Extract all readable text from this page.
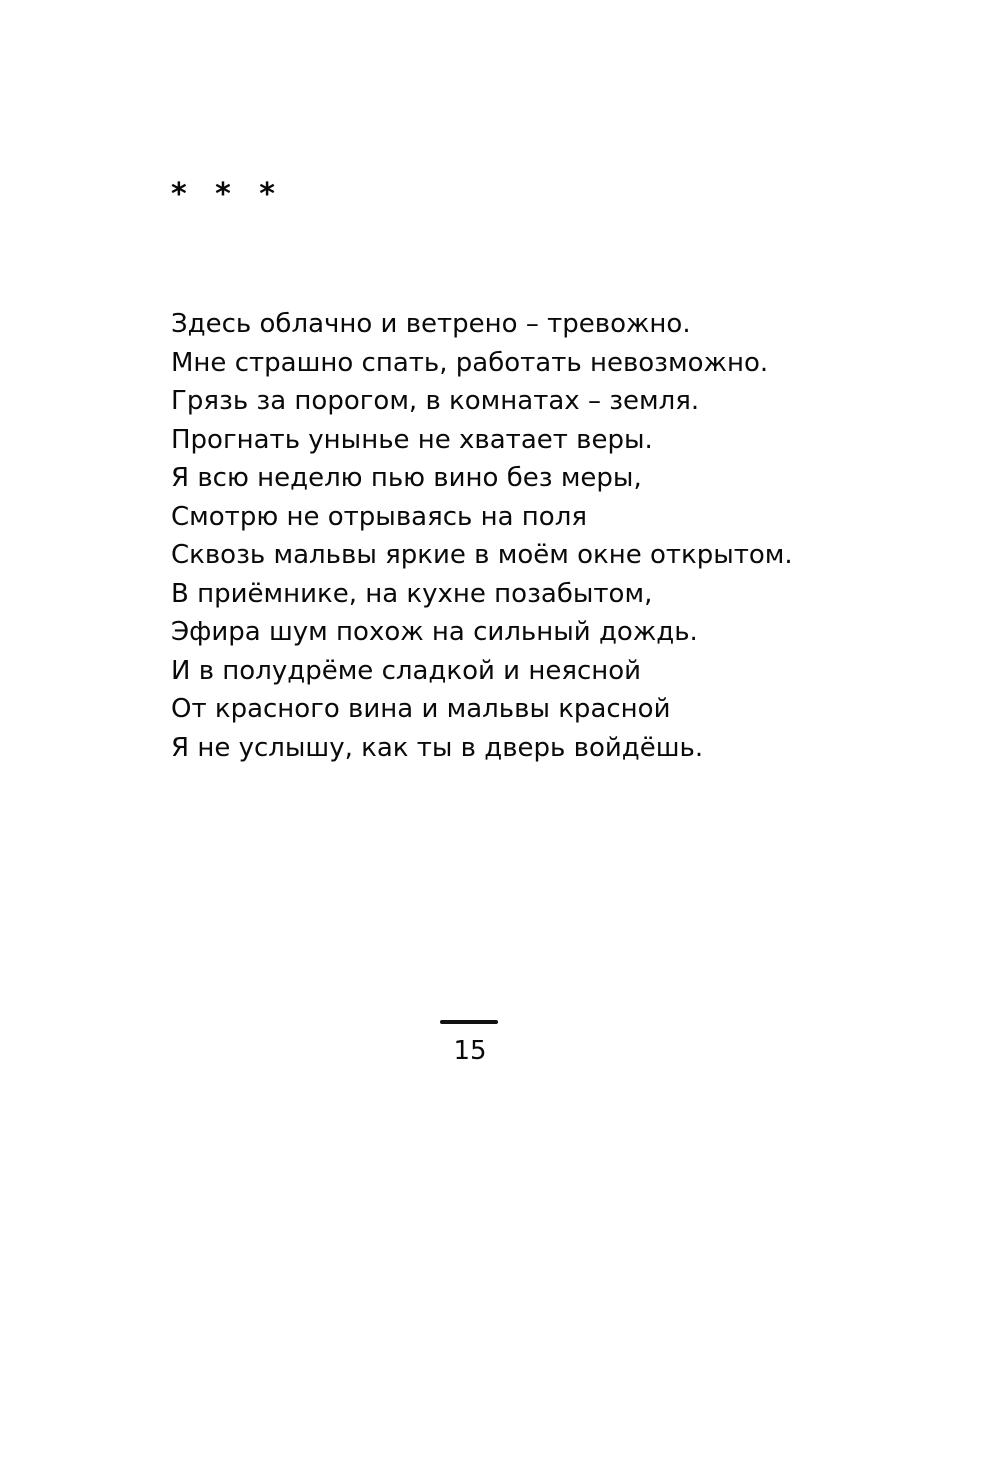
* * *
Здесь облачно и ветрено – тревожно.
Мне страшно спать, работать невозможно.
Грязь за порогом, в комнатах – земля.
Прогнать унынье не хватает веры.
Я всю неделю пью вино без меры,
Смотрю не отрываясь на поля
Сквозь мальвы яркие в моём окне открытом.
В приёмнике, на кухне позабытом,
Эфира шум похож на сильный дождь.
И в полудрёме сладкой и неясной
От красного вина и мальвы красной
Я не услышу, как ты в дверь войдёшь.
15
